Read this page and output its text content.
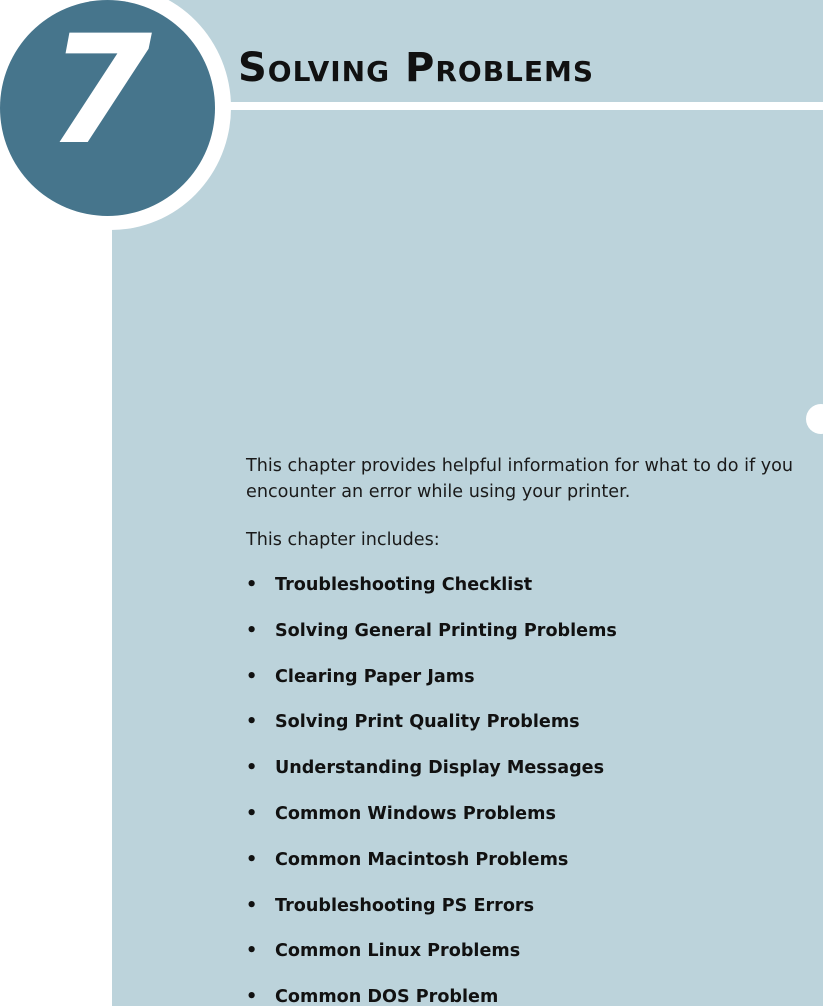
7	Solving Problems

This chapter provides helpful information for what to do if you encounter an error while using your printer.

This chapter includes:

•	Troubleshooting Checklist
•	Solving General Printing Problems
•	Clearing Paper Jams
•	Solving Print Quality Problems
•	Understanding Display Messages
•	Common Windows Problems
•	Common Macintosh Problems
•	Troubleshooting PS Errors
•	Common Linux Problems
•	Common DOS Problem
